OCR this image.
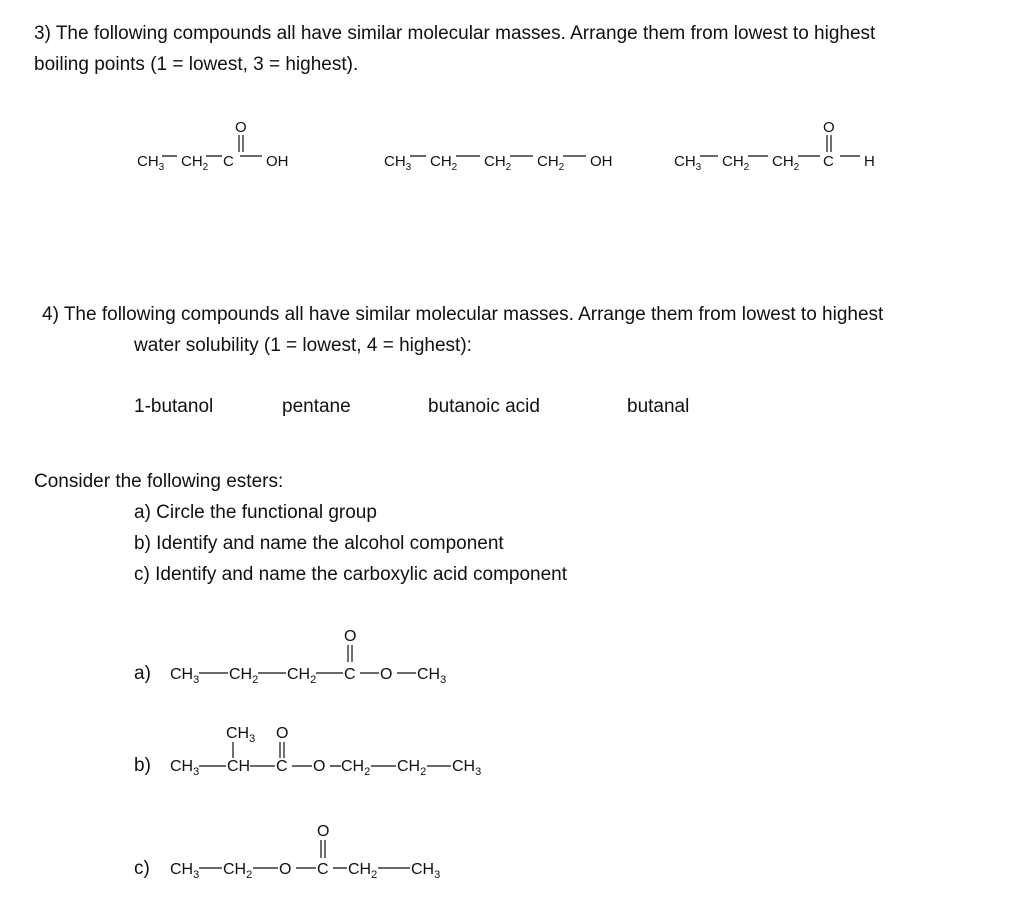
3) The following compounds all have similar molecular masses. Arrange them from lowest to highest
boiling points (1 = lowest, 3 = highest).
$CH_3$ $CH_2$ C OH
O
$CH_3$ $CH_2$ $CH_2$ $CH_2$ OH	$CH_3$ $CH_2$ $CH_2$ C H
O
4) The following compounds all have similar molecular masses. Arrange them from lowest to highest
water solubility (1 = lowest, 4 = highest):
1-butanol	pentane	butanoic acid	butanal
Consider the following esters:
a) Circle the functional group
b) Identify and name the alcohol component
c) Identify and name the carboxylic acid component
a) $CH_3$ $CH_2$ $CH_2$ C O $CH_3$
O
b) $CH_3$ CH C O $CH_2$ $CH_2$ $CH_3$
$CH_3$ O
c) $CH_3$ $CH_2$ O C $CH_2$ $CH_3$
O
